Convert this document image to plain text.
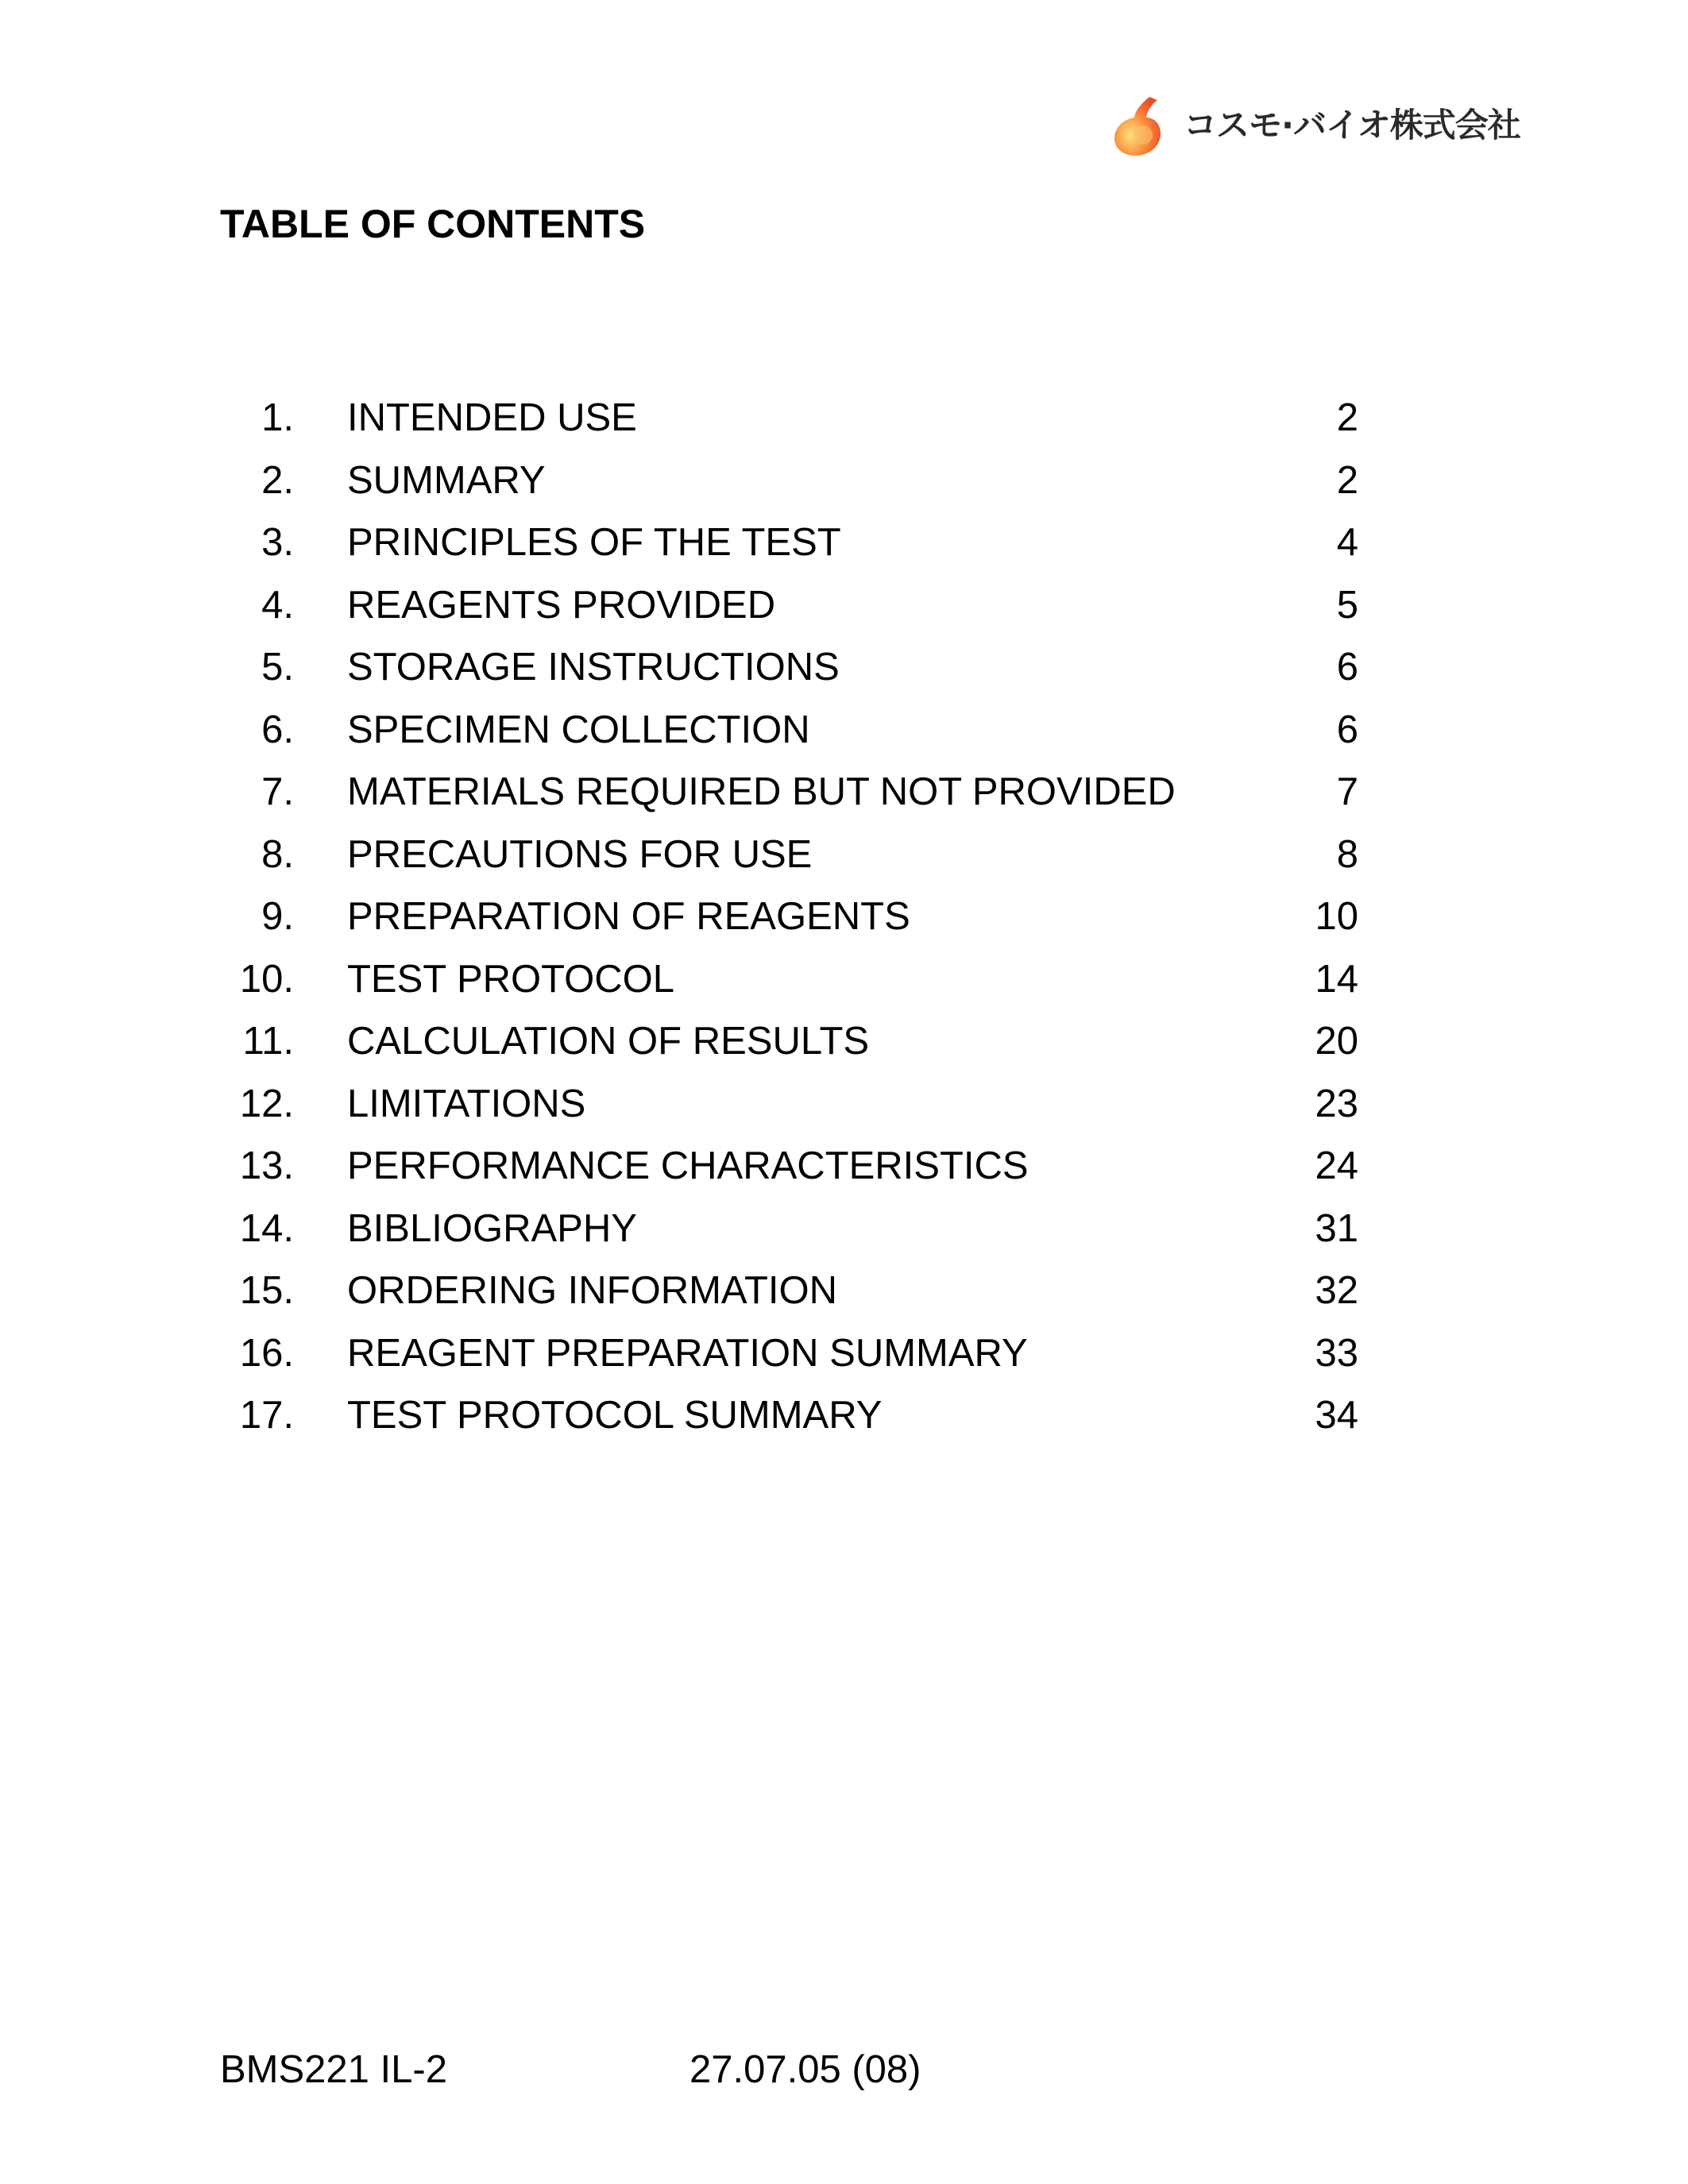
コスモ·バイオ株式会社
TABLE OF CONTENTS
1. INTENDED USE	2
2. SUMMARY	2
3. PRINCIPLES OF THE TEST	4
4. REAGENTS PROVIDED	5
5. STORAGE INSTRUCTIONS	6
6. SPECIMEN COLLECTION	6
7. MATERIALS REQUIRED BUT NOT PROVIDED	7
8. PRECAUTIONS FOR USE	8
9. PREPARATION OF REAGENTS	10
10. TEST PROTOCOL	14
11. CALCULATION OF RESULTS	20
12. LIMITATIONS	23
13. PERFORMANCE CHARACTERISTICS	24
14. BIBLIOGRAPHY	31
15. ORDERING INFORMATION	32
16. REAGENT PREPARATION SUMMARY	33
17. TEST PROTOCOL SUMMARY	34
BMS221 IL-2	27.07.05 (08)
